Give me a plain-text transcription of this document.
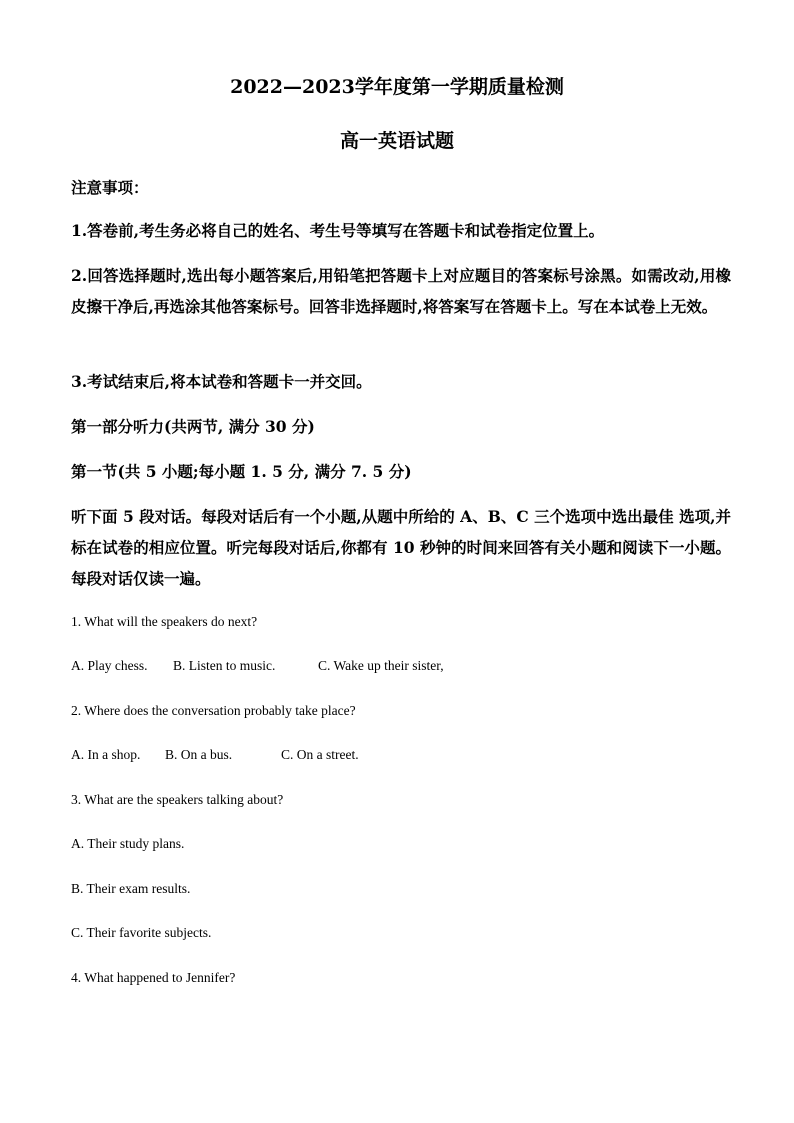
2022—2023学年度第一学期质量检测
高一英语试题
注意事项：
1.答卷前,考生务必将自己的姓名、考生号等填写在答题卡和试卷指定位置上。
2.回答选择题时,选出每小题答案后,用铅笔把答题卡上对应题目的答案标号涂黑。如需改动,用橡皮擦干净后,再选涂其他答案标号。回答非选择题时,将答案写在答题卡上。写在本试卷上无效。
3.考试结束后,将本试卷和答题卡一并交回。
第一部分听力(共两节, 满分 30 分)
第一节(共 5 小题;每小题 1. 5 分, 满分 7. 5 分)
听下面 5 段对话。每段对话后有一个小题,从题中所给的 A、B、C 三个选项中选出最佳 选项,并标在试卷的相应位置。听完每段对话后,你都有 10 秒钟的时间来回答有关小题和阅读下一小题。每段对话仅读一遍。
1. What will the speakers do next?
A. Play chess. B. Listen to music.	C. Wake up their sister,
2. Where does the conversation probably take place?
A. In a shop. B. On a bus.	C. On a street.
3. What are the speakers talking about?
A. Their study plans.
B. Their exam results.
C. Their favorite subjects.
4. What happened to Jennifer?
